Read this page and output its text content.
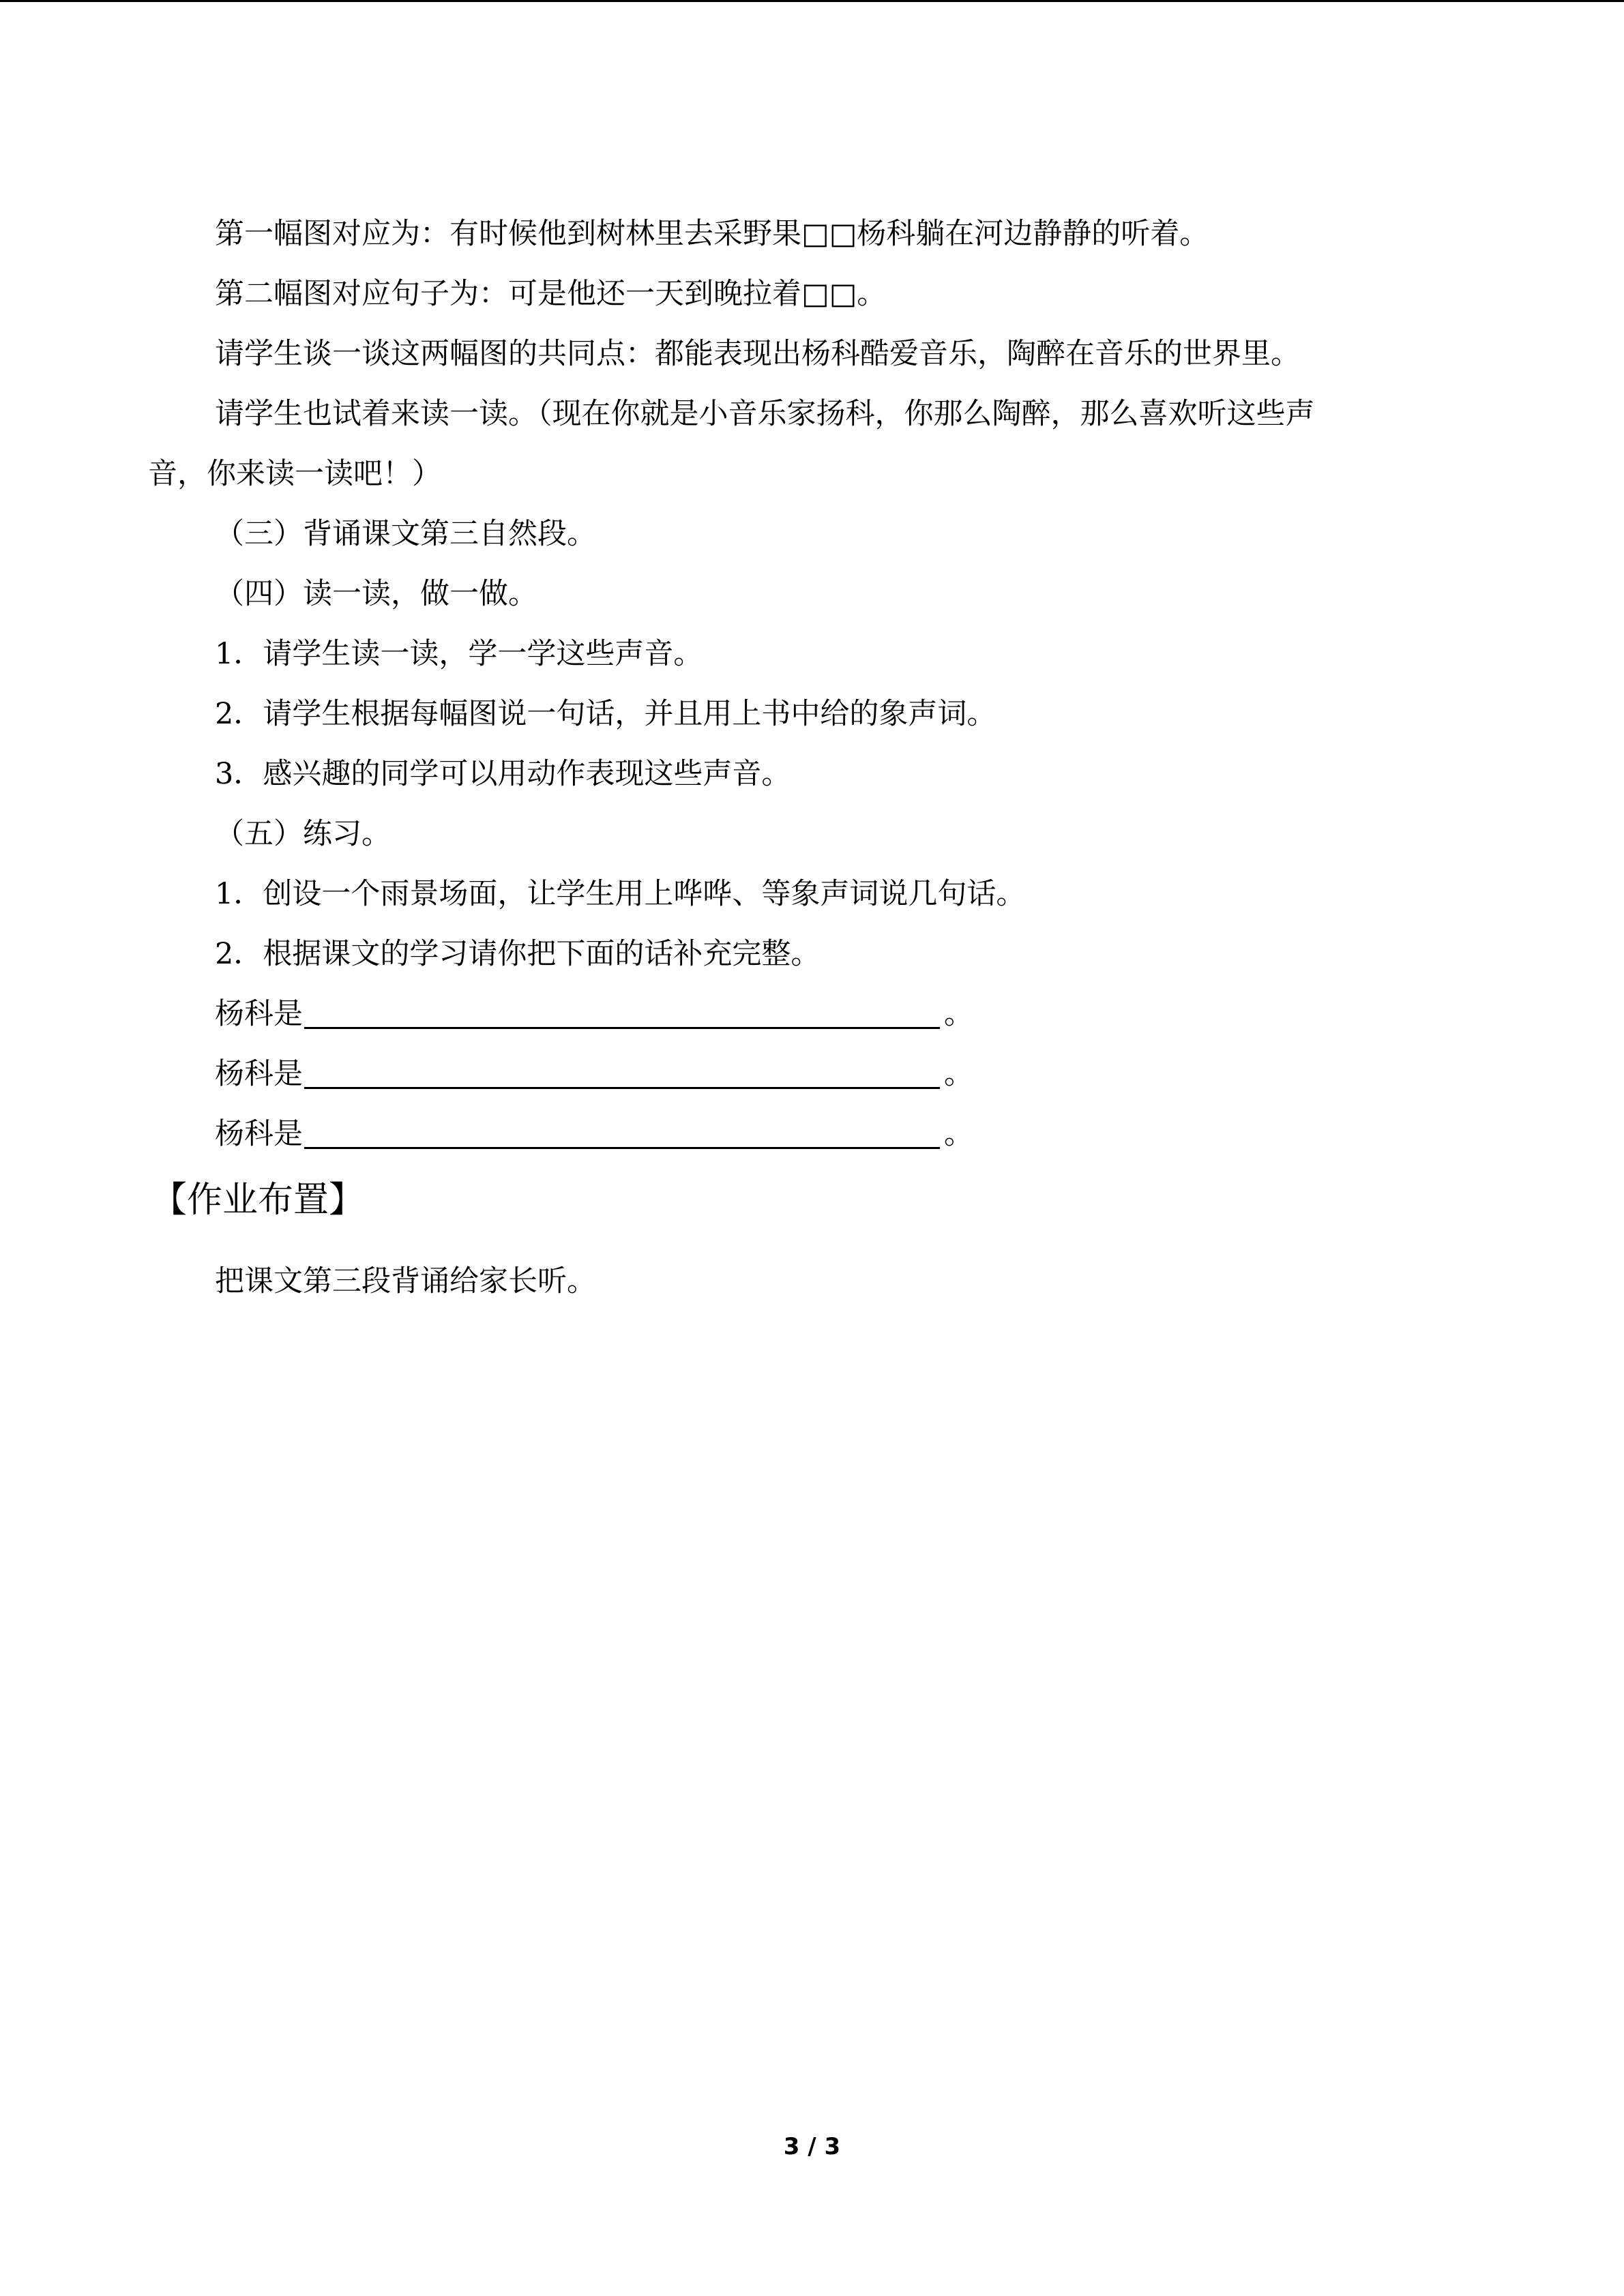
第一幅图对应为：有时候他到树林里去采野果□□杨科躺在河边静静的听着。
第二幅图对应句子为：可是他还一天到晚拉着□□。
请学生谈一谈这两幅图的共同点：都能表现出杨科酷爱音乐，陶醉在音乐的世界里。
请学生也试着来读一读。（现在你就是小音乐家扬科，你那么陶醉，那么喜欢听这些声
音，你来读一读吧！）
（三）背诵课文第三自然段。
（四）读一读，做一做。
1．请学生读一读，学一学这些声音。
2．请学生根据每幅图说一句话，并且用上书中给的象声词。
3．感兴趣的同学可以用动作表现这些声音。
（五）练习。
1．创设一个雨景场面，让学生用上哗哗、等象声词说几句话。
2．根据课文的学习请你把下面的话补充完整。
杨科是	。
杨科是	。
杨科是	。
【作业布置】
把课文第三段背诵给家长听。
3 / 3
